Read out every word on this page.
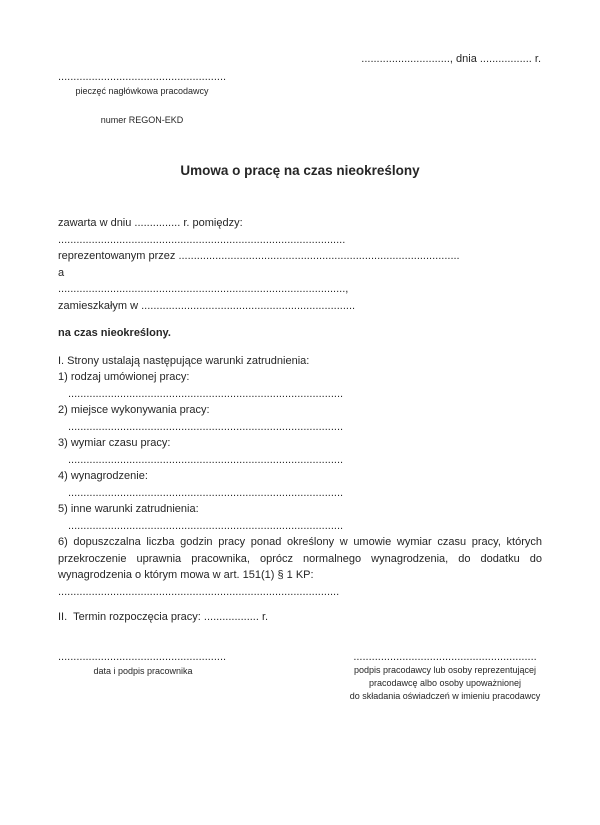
............................., dnia ................. r.
.......................................................
pieczęć nagłówkowa pracodawcy
numer REGON-EKD
Umowa o pracę na czas nieokreślony
zawarta w dniu ............... r. pomiędzy:
..............................................................................................
reprezentowanym przez ............................................................................................
a
..............................................................................................,
zamieszkałym w ......................................................................
na czas nieokreślony.
I. Strony ustalają następujące warunki zatrudnienia:
1) rodzaj umówionej pracy:
..........................................................................................
2) miejsce wykonywania pracy:
..........................................................................................
3) wymiar czasu pracy:
..........................................................................................
4) wynagrodzenie:
..........................................................................................
5) inne warunki zatrudnienia:
..........................................................................................

6) dopuszczalna liczba godzin pracy ponad określony w umowie wymiar czasu pracy, których przekroczenie uprawnia pracownika, oprócz normalnego wynagrodzenia, do dodatku do wynagrodzenia o którym mowa w art. 151(1) § 1 KP:

............................................................................................
II.  Termin rozpoczęcia pracy: .................. r.
.......................................................
data i podpis pracownika
............................................................
podpis pracodawcy lub osoby reprezentującej
pracodawcę albo osoby upoważnionej
do składania oświadczeń w imieniu pracodawcy
